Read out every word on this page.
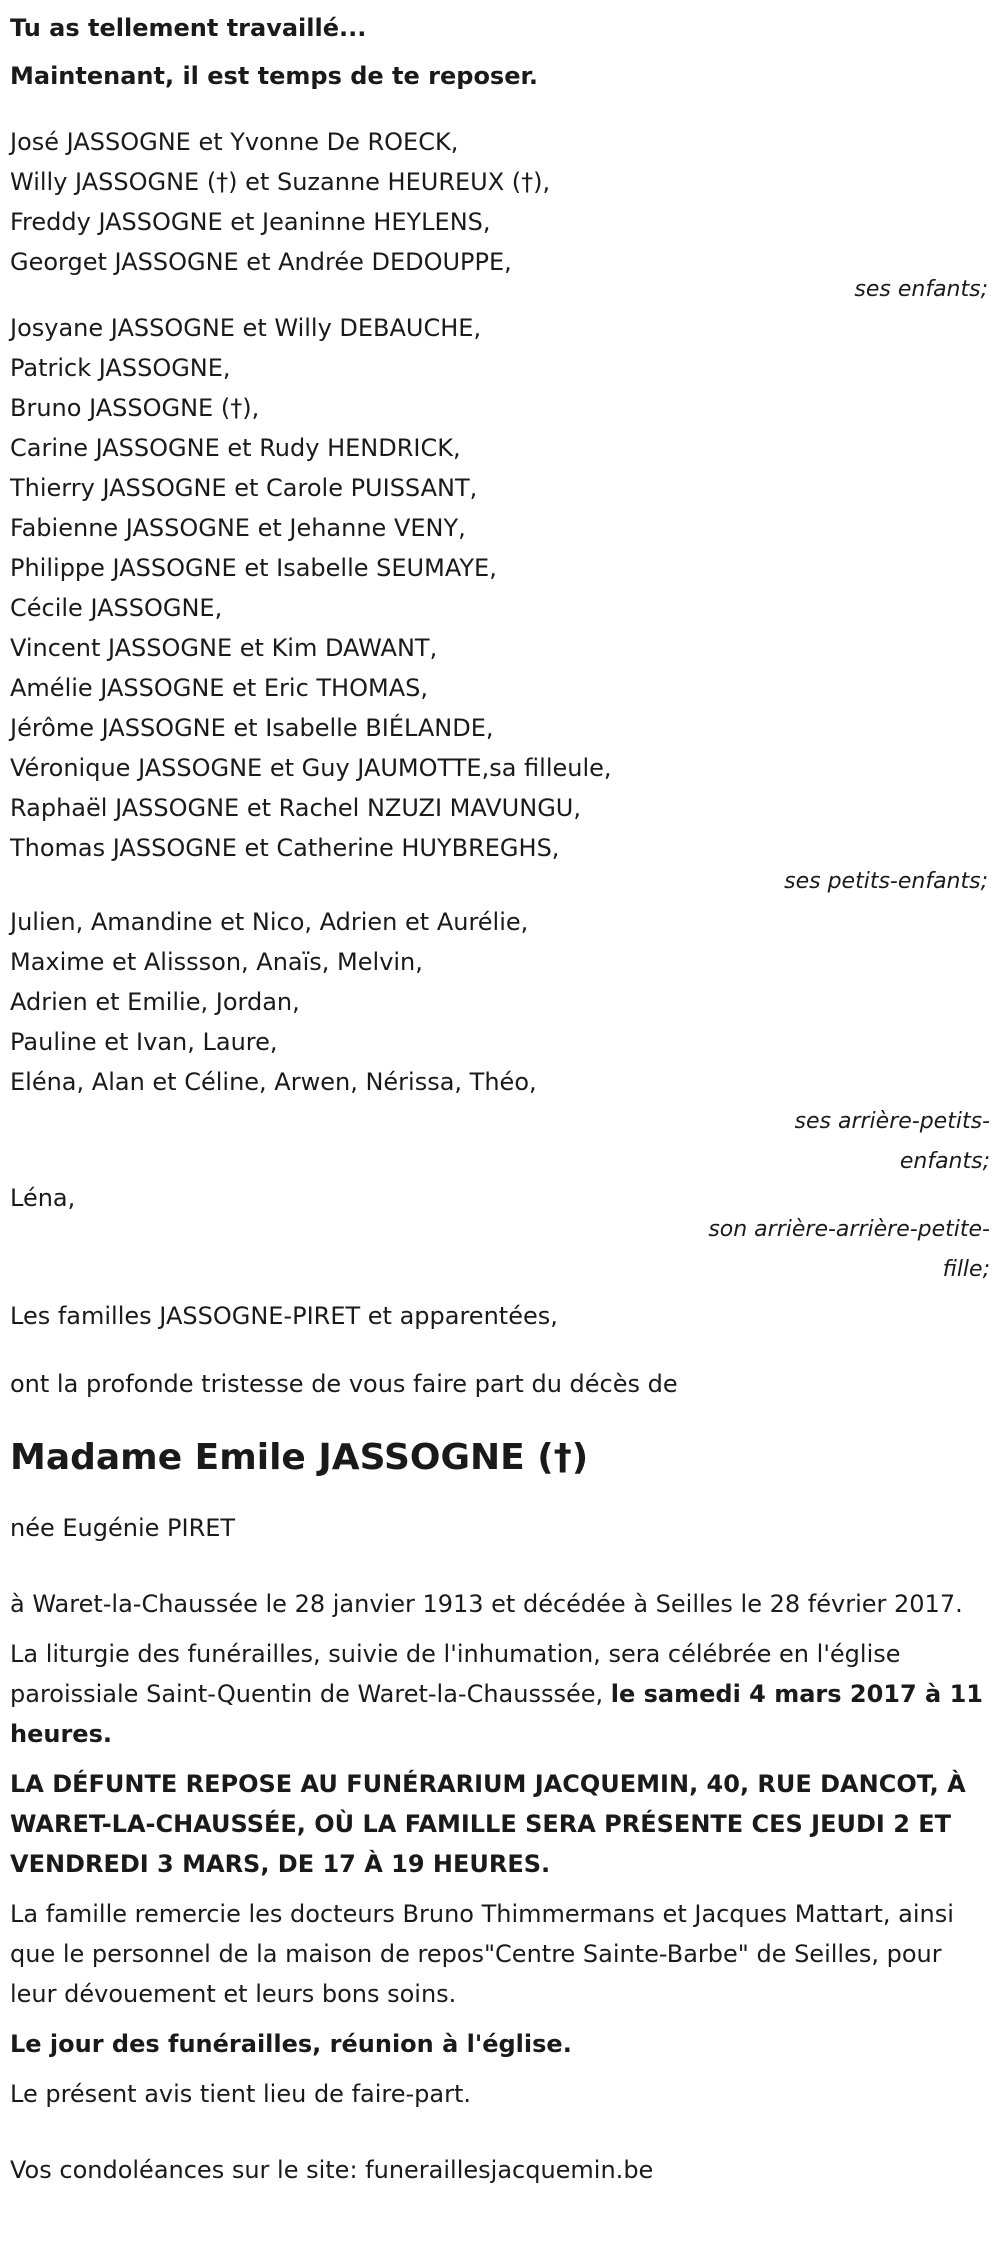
Tu as tellement travaillé...

Maintenant, il est temps de te reposer.

José JASSOGNE et Yvonne De ROECK,
Willy JASSOGNE (†) et Suzanne HEUREUX (†),
Freddy JASSOGNE et Jeaninne HEYLENS,
Georget JASSOGNE et Andrée DEDOUPPE,

ses enfants;

Josyane JASSOGNE et Willy DEBAUCHE,
Patrick JASSOGNE,
Bruno JASSOGNE (†),
Carine JASSOGNE et Rudy HENDRICK,
Thierry JASSOGNE et Carole PUISSANT,
Fabienne JASSOGNE et Jehanne VENY,
Philippe JASSOGNE et Isabelle SEUMAYE,
Cécile JASSOGNE,
Vincent JASSOGNE et Kim DAWANT,
Amélie JASSOGNE et Eric THOMAS,
Jérôme JASSOGNE et Isabelle BIÉLANDE,
Véronique JASSOGNE et Guy JAUMOTTE,sa filleule,
Raphaël JASSOGNE et Rachel NZUZI MAVUNGU,
Thomas JASSOGNE et Catherine HUYBREGHS,

ses petits-enfants;

Julien, Amandine et Nico, Adrien et Aurélie,
Maxime et Alissson, Anaïs, Melvin,
Adrien et Emilie, Jordan,
Pauline et Ivan, Laure,
Eléna, Alan et Céline, Arwen, Nérissa, Théo,

ses arrière-petits-enfants;

Léna,

son arrière-arrière-petite-fille;

Les familles JASSOGNE-PIRET et apparentées,

ont la profonde tristesse de vous faire part du décès de

Madame Emile JASSOGNE (†)

née Eugénie PIRET

à Waret-la-Chaussée le 28 janvier 1913 et décédée à Seilles le 28 février 2017.

La liturgie des funérailles, suivie de l'inhumation, sera célébrée en l'église paroissiale Saint-Quentin de Waret-la-Chausssée, le samedi 4 mars 2017 à 11 heures.

LA DÉFUNTE REPOSE AU FUNÉRARIUM JACQUEMIN, 40, RUE DANCOT, À WARET-LA-CHAUSSÉE, OÙ LA FAMILLE SERA PRÉSENTE CES JEUDI 2 ET VENDREDI 3 MARS, DE 17 À 19 HEURES.

La famille remercie les docteurs Bruno Thimmermans et Jacques Mattart, ainsi que le personnel de la maison de repos"Centre Sainte-Barbe" de Seilles, pour leur dévouement et leurs bons soins.

Le jour des funérailles, réunion à l'église.

Le présent avis tient lieu de faire-part.

Vos condoléances sur le site: funeraillesjacquemin.be
